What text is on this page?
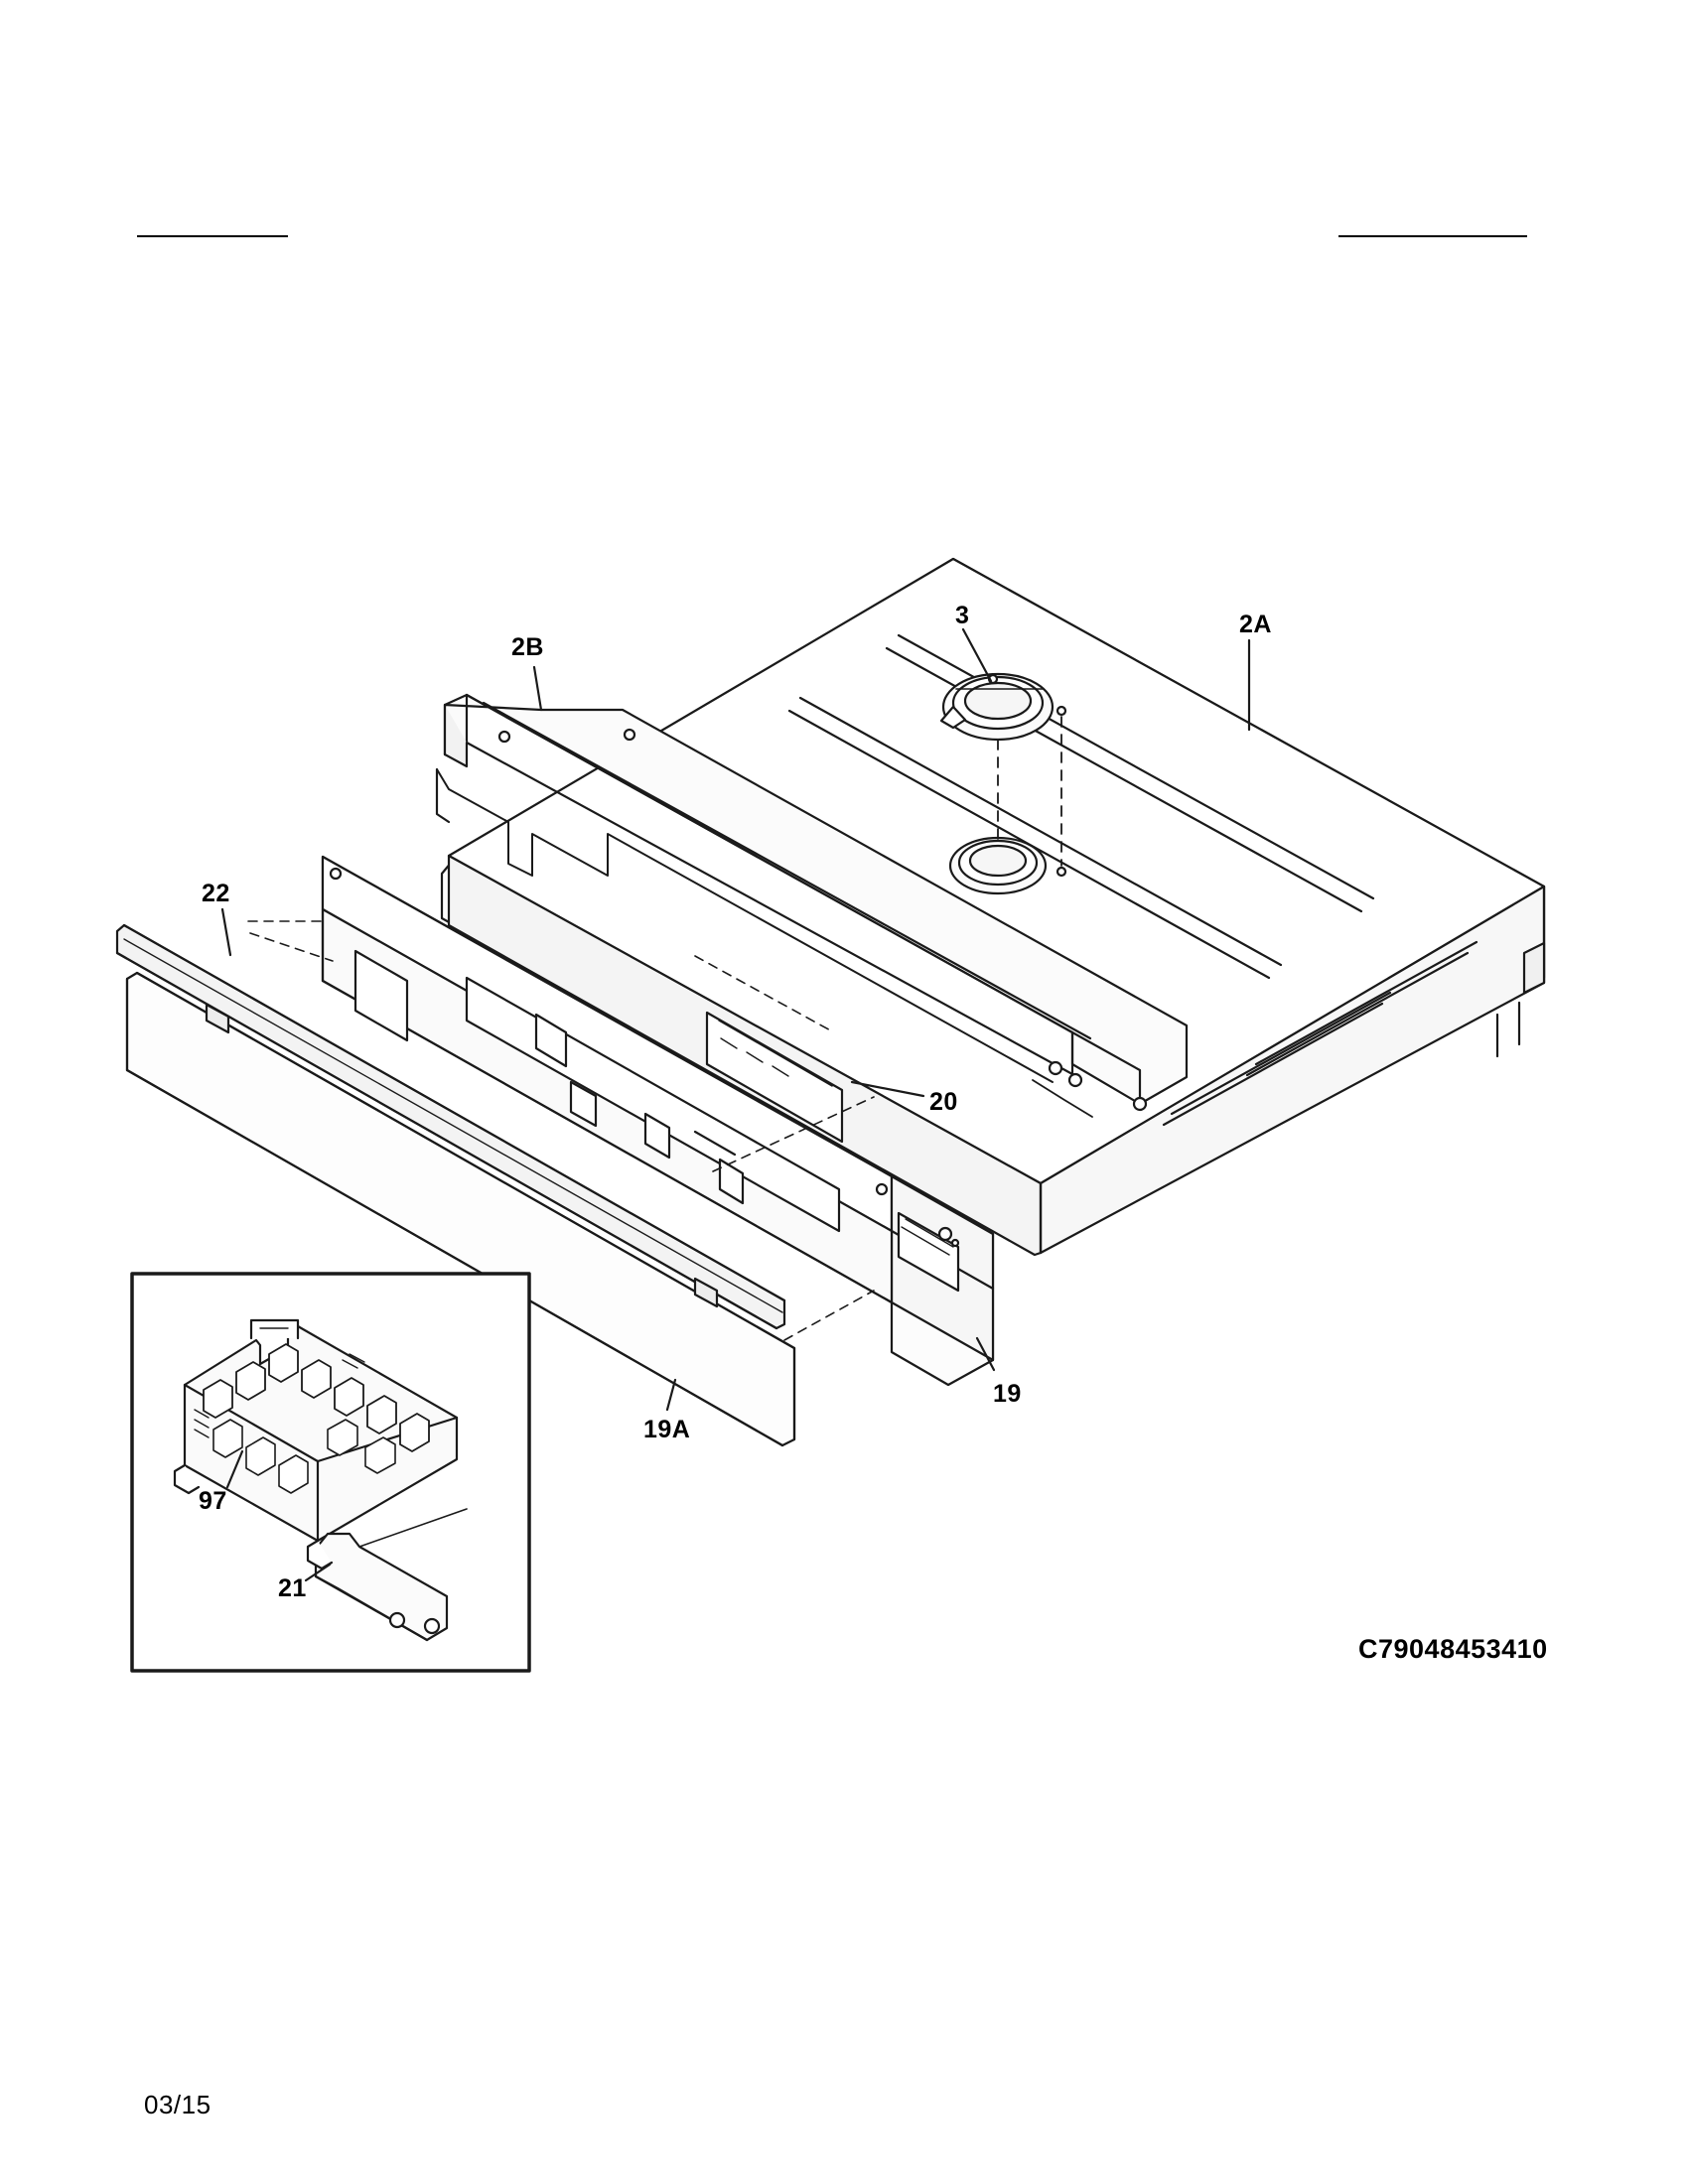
2B
3	2A
22
20
19
19A
97
21
C79048453410
03/15
